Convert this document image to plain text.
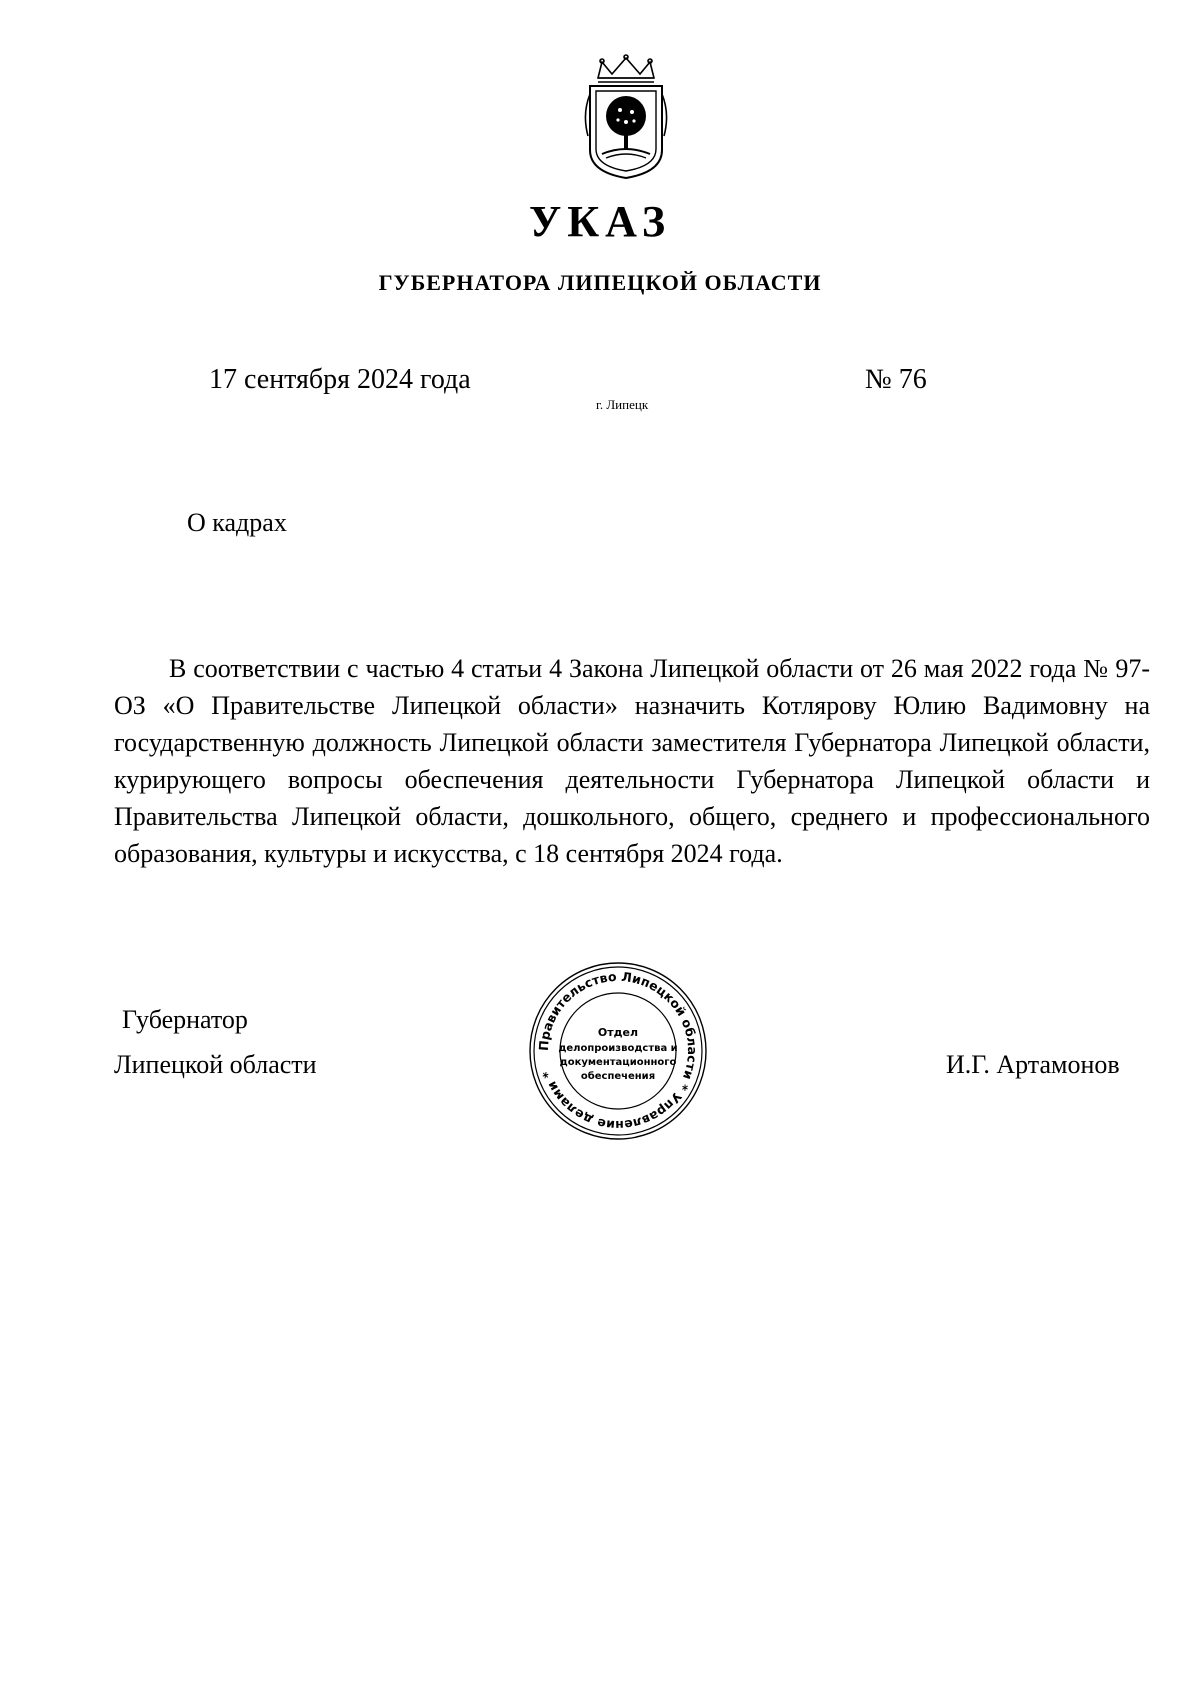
УКАЗ
ГУБЕРНАТОРА ЛИПЕЦКОЙ ОБЛАСТИ
17 сентября 2024 года	№ 76
г. Липецк
О кадрах

В соответствии с частью 4 статьи 4 Закона Липецкой области от 26 мая 2022 года № 97-ОЗ «О Правительстве Липецкой области» назначить Котлярову Юлию Вадимовну на государственную должность Липецкой области заместителя Губернатора Липецкой области, курирующего вопросы обеспечения деятельности Губернатора Липецкой области и Правительства Липецкой области, дошкольного, общего, среднего и профессионального образования, культуры и искусства, с 18 сентября 2024 года.

Губернатор
Липецкой области	И.Г. Артамонов
Правительство Липецкой области * Управление делами *
Отдел
делопроизводства и
документационного
обеспечения
